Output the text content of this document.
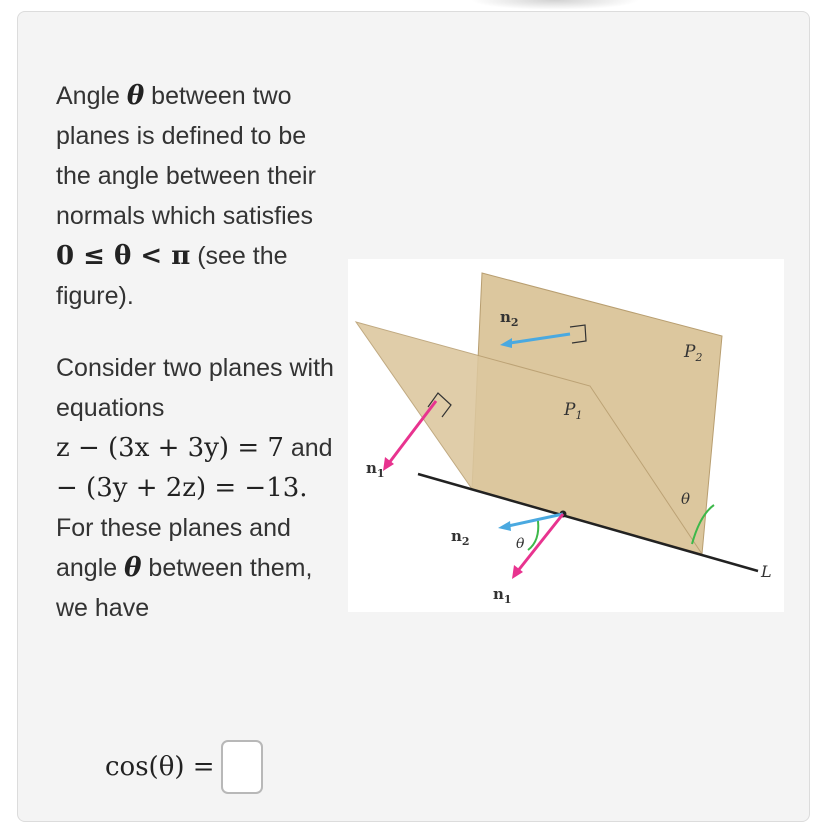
Angle θ between two planes is defined to be the angle between their normals which satisfies 0 ≤ θ < π (see the figure).

Consider two planes with equations z − (3x + 3y) = 7 and − (3y + 2z) = −13. For these planes and angle θ between them, we have

cos(θ) =
$n_2$
$P_2$
$P_1$
$n_1$
θ
$n_2$	θ
$n_1$
L
